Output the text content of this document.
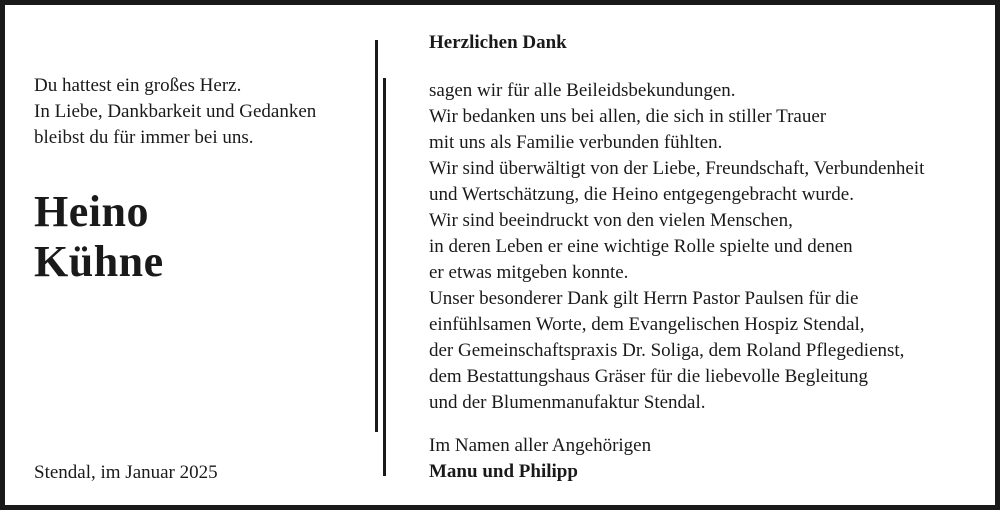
Du hattest ein großes Herz.
In Liebe, Dankbarkeit und Gedanken
bleibst du für immer bei uns.
Heino
Kühne
Stendal, im Januar 2025
Herzlichen Dank
sagen wir für alle Beileidsbekundungen.
Wir bedanken uns bei allen, die sich in stiller Trauer
mit uns als Familie verbunden fühlten.
Wir sind überwältigt von der Liebe, Freundschaft, Verbundenheit
und Wertschätzung, die Heino entgegengebracht wurde.
Wir sind beeindruckt von den vielen Menschen,
in deren Leben er eine wichtige Rolle spielte und denen
er etwas mitgeben konnte.
Unser besonderer Dank gilt Herrn Pastor Paulsen für die
einfühlsamen Worte, dem Evangelischen Hospiz Stendal,
der Gemeinschaftspraxis Dr. Soliga, dem Roland Pflegedienst,
dem Bestattungshaus Gräser für die liebevolle Begleitung
und der Blumenmanufaktur Stendal.
Im Namen aller Angehörigen
Manu und Philipp
